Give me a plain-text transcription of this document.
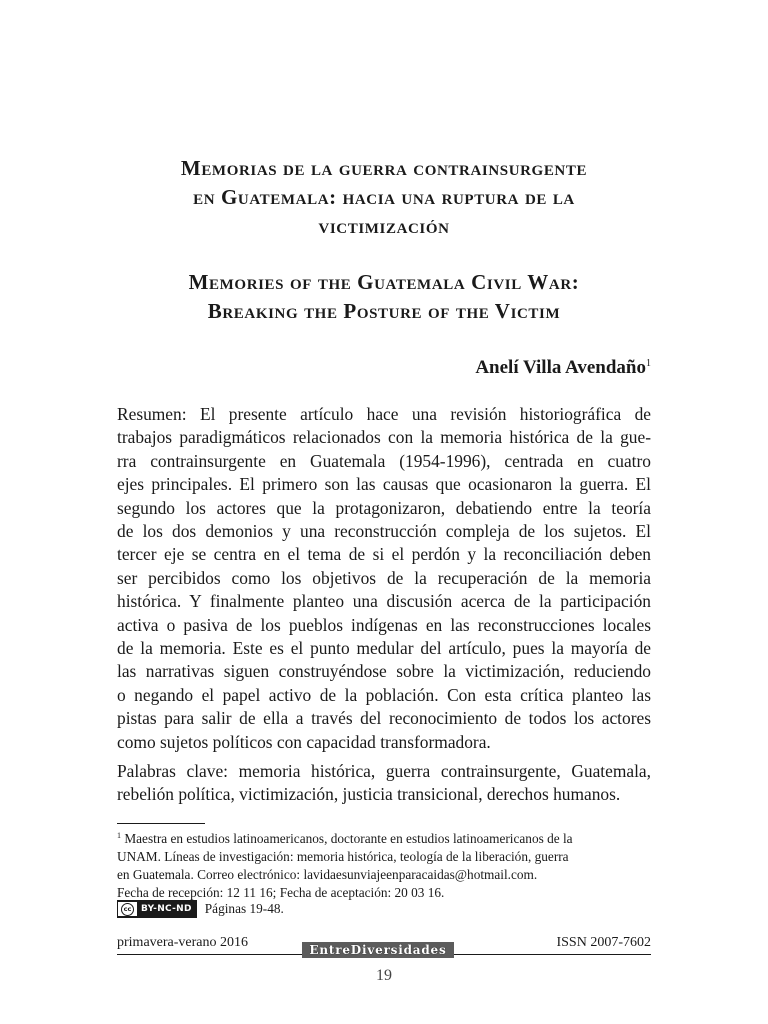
Memorias de la guerra contrainsurgente
en Guatemala: hacia una ruptura de la
victimización
Memories of the Guatemala Civil War:
Breaking the Posture of the Victim
Anelí Villa Avendaño$^1$

Resumen: El presente artículo hace una revisión historiográfica de
trabajos paradigmáticos relacionados con la memoria histórica de la gue-
rra contrainsurgente en Guatemala (1954-1996), centrada en cuatro
ejes principales. El primero son las causas que ocasionaron la guerra. El
segundo los actores que la protagonizaron, debatiendo entre la teoría
de los dos demonios y una reconstrucción compleja de los sujetos. El
tercer eje se centra en el tema de si el perdón y la reconciliación deben
ser percibidos como los objetivos de la recuperación de la memoria
histórica. Y finalmente planteo una discusión acerca de la participación
activa o pasiva de los pueblos indígenas en las reconstrucciones locales
de la memoria. Este es el punto medular del artículo, pues la mayoría de
las narrativas siguen construyéndose sobre la victimización, reduciendo
o negando el papel activo de la población. Con esta crítica planteo las
pistas para salir de ella a través del reconocimiento de todos los actores
como sujetos políticos con capacidad transformadora.

Palabras clave: memoria histórica, guerra contrainsurgente, Guatemala,
rebelión política, victimización, justicia transicional, derechos humanos.

$^1$ Maestra en estudios latinoamericanos, doctorante en estudios latinoamericanos de la
UNAM. Líneas de investigación: memoria histórica, teología de la liberación, guerra
en Guatemala. Correo electrónico: lavidaesunviajeenparacaidas@hotmail.com.
Fecha de recepción: 12 11 16; Fecha de aceptación: 20 03 16.

cc	BY-NC-ND Páginas 19-48.
primavera-verano 2016	ISSN 2007-7602
EntreDiversidades
19
